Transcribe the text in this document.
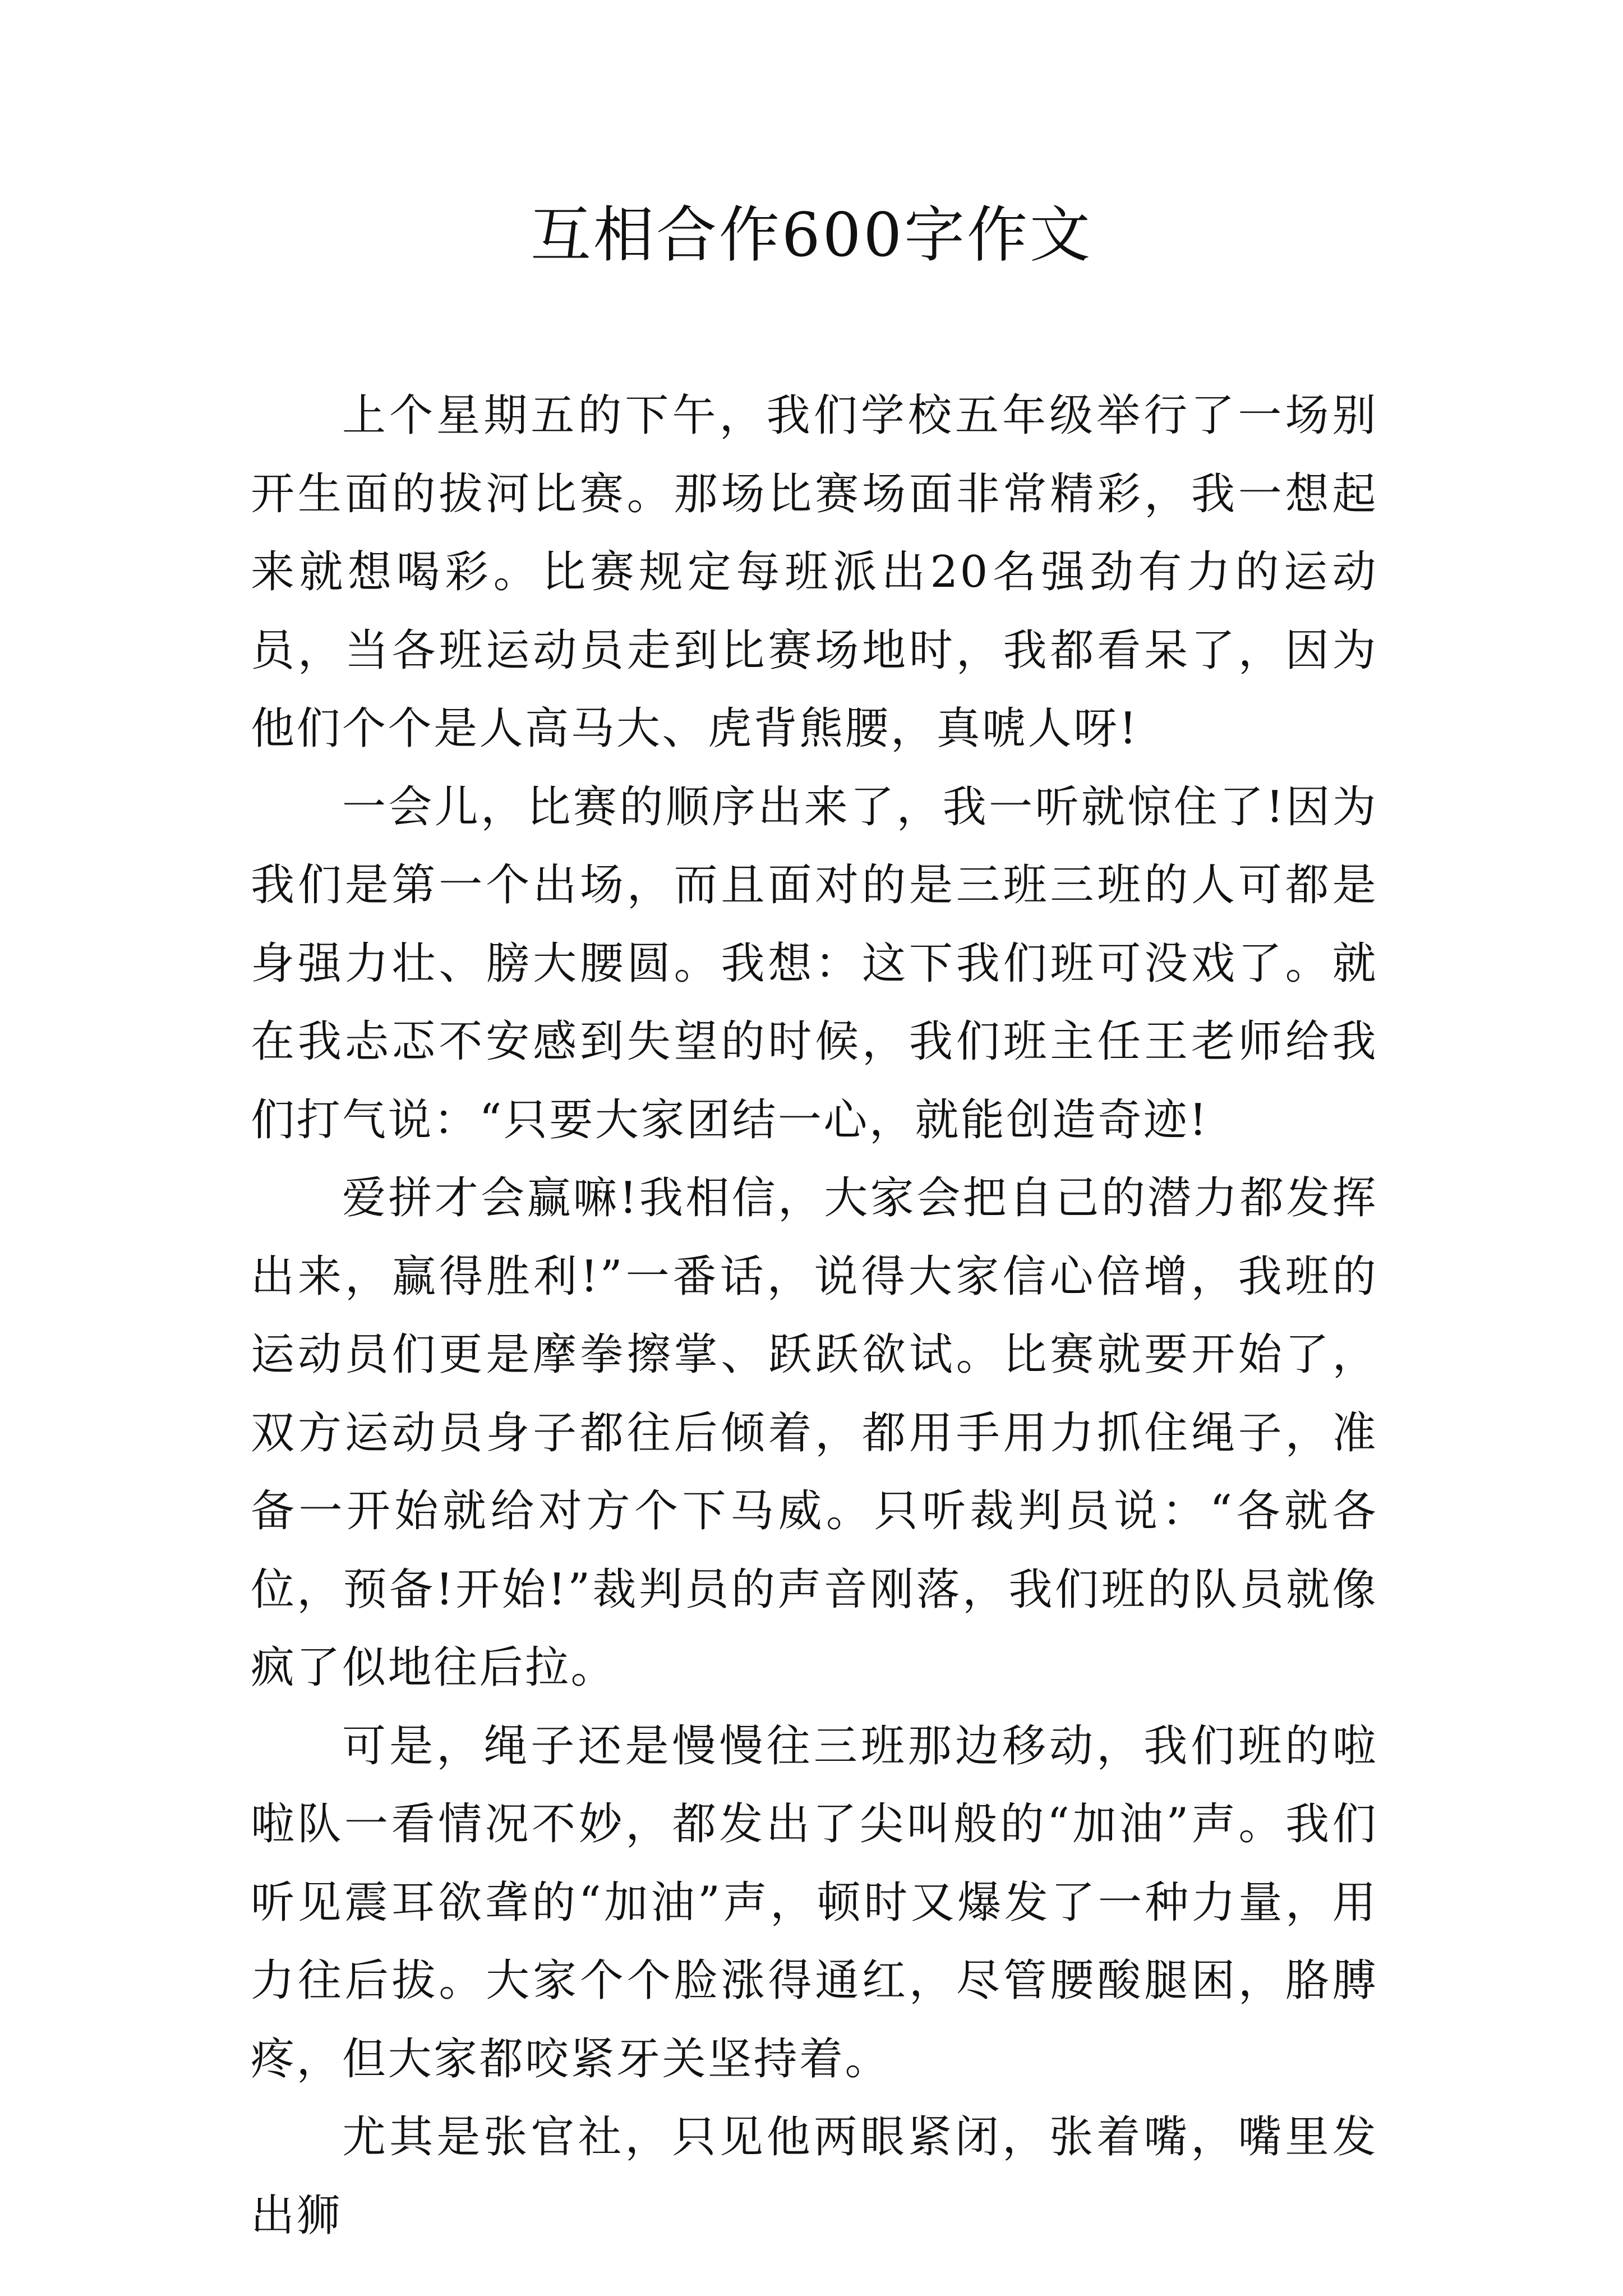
互相合作600字作文

上个星期五的下午，我们学校五年级举行了一场别开生面的拔河比赛。那场比赛场面非常精彩，我一想起来就想喝彩。比赛规定每班派出20名强劲有力的运动员，当各班运动员走到比赛场地时，我都看呆了，因为他们个个是人高马大、虎背熊腰，真唬人呀!

一会儿，比赛的顺序出来了，我一听就惊住了!因为我们是第一个出场，而且面对的是三班三班的人可都是身强力壮、膀大腰圆。我想：这下我们班可没戏了。就在我忐忑不安感到失望的时候，我们班主任王老师给我们打气说：“只要大家团结一心，就能创造奇迹!

爱拼才会赢嘛!我相信，大家会把自己的潜力都发挥出来，赢得胜利!”一番话，说得大家信心倍增，我班的运动员们更是摩拳擦掌、跃跃欲试。比赛就要开始了，双方运动员身子都往后倾着，都用手用力抓住绳子，准备一开始就给对方个下马威。只听裁判员说：“各就各位，预备!开始!”裁判员的声音刚落，我们班的队员就像疯了似地往后拉。

可是，绳子还是慢慢往三班那边移动，我们班的啦啦队一看情况不妙，都发出了尖叫般的“加油”声。我们听见震耳欲聋的“加油”声，顿时又爆发了一种力量，用力往后拔。大家个个脸涨得通红，尽管腰酸腿困，胳膊疼，但大家都咬紧牙关坚持着。

尤其是张官社，只见他两眼紧闭，张着嘴，嘴里发出狮
